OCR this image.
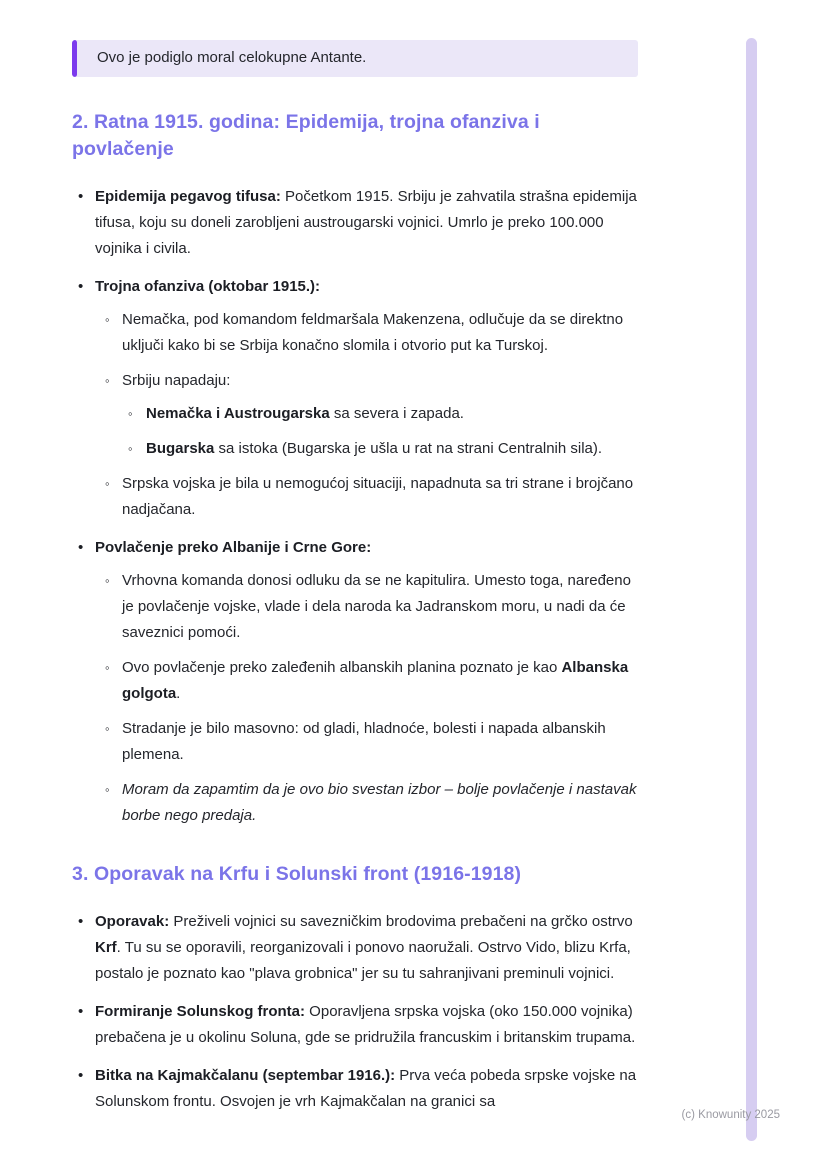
Ovo je podiglo moral celokupne Antante.

2. Ratna 1915. godina: Epidemija, trojna ofanziva i povlačenje

• Epidemija pegavog tifusa: Početkom 1915. Srbiju je zahvatila strašna epidemija tifusa, koju su doneli zarobljeni austrougarski vojnici. Umrlo je preko 100.000 vojnika i civila.

• Trojna ofanziva (oktobar 1915.):

◦ Nemačka, pod komandom feldmaršala Makenzena, odlučuje da se direktno uključi kako bi se Srbija konačno slomila i otvorio put ka Turskoj.

◦ Srbiju napadaju:

◦ Nemačka i Austrougarska sa severa i zapada.

◦ Bugarska sa istoka (Bugarska je ušla u rat na strani Centralnih sila).

◦ Srpska vojska je bila u nemogućoj situaciji, napadnuta sa tri strane i brojčano nadjačana.

• Povlačenje preko Albanije i Crne Gore:

◦ Vrhovna komanda donosi odluku da se ne kapitulira. Umesto toga, naređeno je povlačenje vojske, vlade i dela naroda ka Jadranskom moru, u nadi da će saveznici pomoći.

◦ Ovo povlačenje preko zaleđenih albanskih planina poznato je kao Albanska golgota.

◦ Stradanje je bilo masovno: od gladi, hladnoće, bolesti i napada albanskih plemena.

◦ Moram da zapamtim da je ovo bio svestan izbor – bolje povlačenje i nastavak borbe nego predaja.

3. Oporavak na Krfu i Solunski front (1916-1918)

• Oporavak: Preživeli vojnici su savezničkim brodovima prebačeni na grčko ostrvo Krf. Tu su se oporavili, reorganizovali i ponovo naoružali. Ostrvo Vido, blizu Krfa, postalo je poznato kao "plava grobnica" jer su tu sahranjivani preminuli vojnici.

• Formiranje Solunskog fronta: Oporavljena srpska vojska (oko 150.000 vojnika) prebačena je u okolinu Soluna, gde se pridružila francuskim i britanskim trupama.

• Bitka na Kajmakčalanu (septembar 1916.): Prva veća pobeda srpske vojske na Solunskom frontu. Osvojen je vrh Kajmakčalan na granici sa

(c) Knowunity 2025
